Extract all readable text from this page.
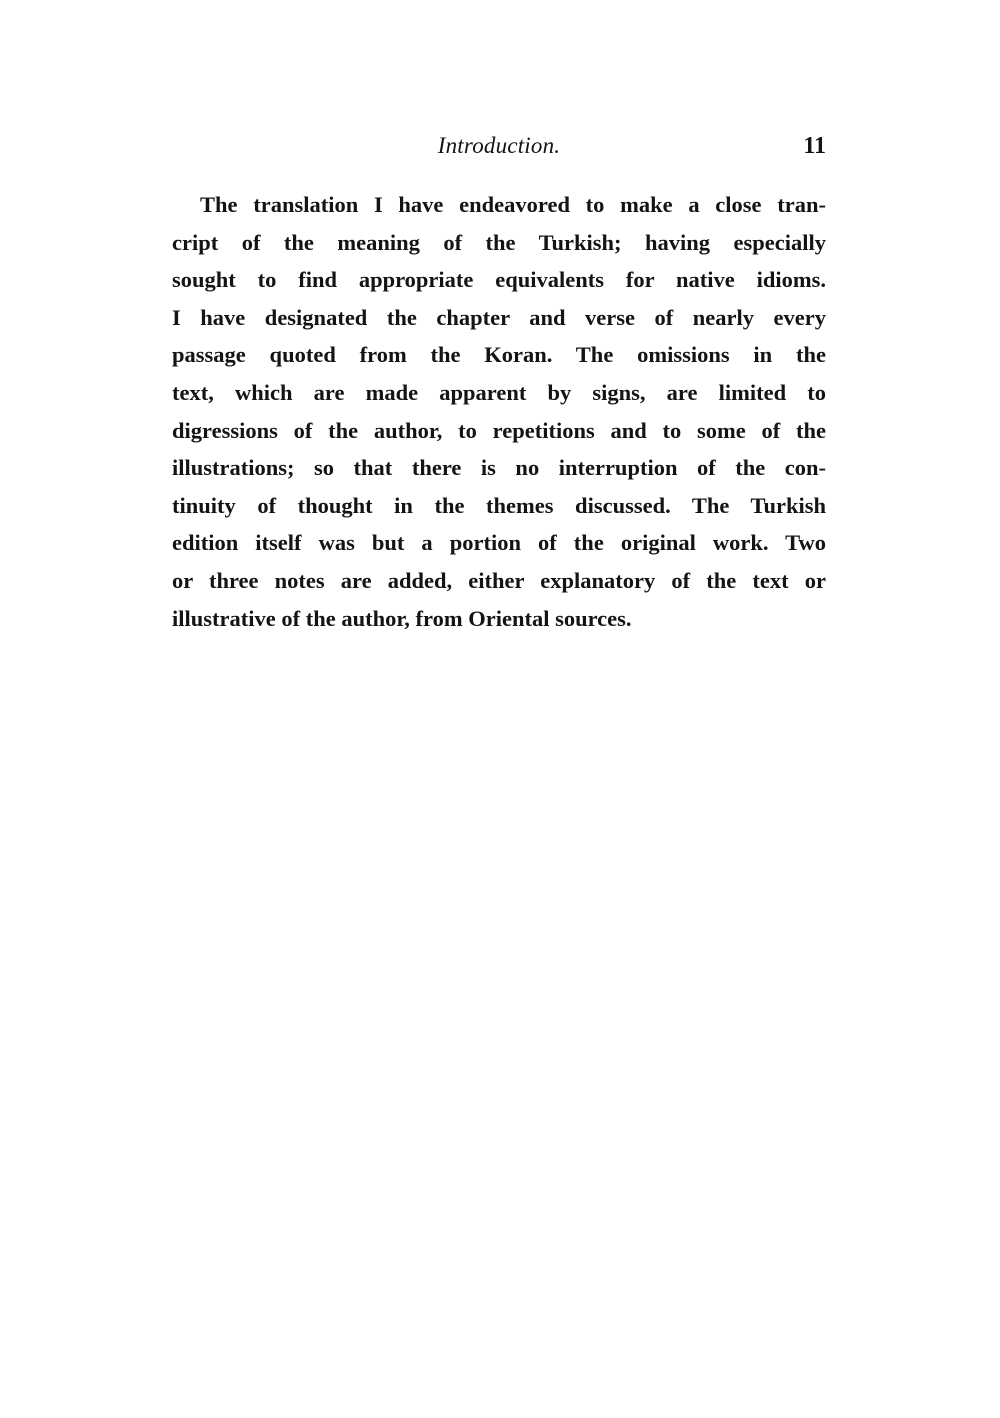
Introduction.	11
The translation I have endeavored to make a close tran-
cript of the meaning of the Turkish; having especially
sought to find appropriate equivalents for native idioms.
I have designated the chapter and verse of nearly every
passage quoted from the Koran. The omissions in the
text, which are made apparent by signs, are limited to
digressions of the author, to repetitions and to some of the
illustrations; so that there is no interruption of the con-
tinuity of thought in the themes discussed. The Turkish
edition itself was but a portion of the original work. Two
or three notes are added, either explanatory of the text or
illustrative of the author, from Oriental sources.
